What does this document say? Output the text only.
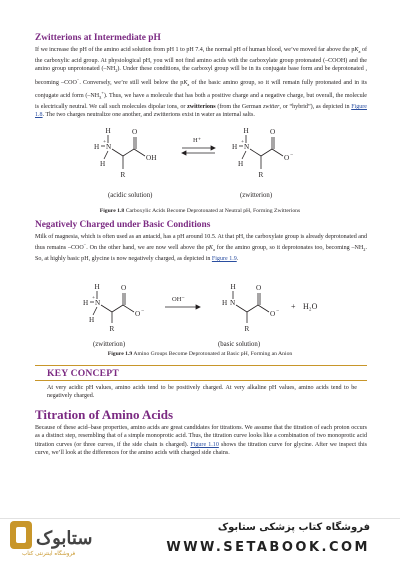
Zwitterions at Intermediate pH
If we increase the pH of the amino acid solution from pH 1 to pH 7.4, the normal pH of human blood, we’ve moved far above the $pK_a$ of the carboxylic acid group. At physiological pH, you will not find amino acids with the carboxylate group protonated (–COOH) and the amino group unprotonated $(-NH_2)$. Under these conditions, the carboxyl group will be in its conjugate base form and be deprotonated , becoming –COO−. Conversely, we’re still well below the $pK_a$ of the basic amino group, so it will remain fully protonated and in its conjugate acid form $(-NH_3^+)$. Thus, we have a molecule that has both a positive charge and a negative charge, but overall, the molecule is electrically neutral. We call such molecules dipolar ions, or zwitterions (from the German zwitter, or “hybrid”), as depicted in Figure 1.8. The two charges neutralize one another, and zwitterions exist in water as internal salts.
H N
+
H
H
R
O
OH
H⁺
H N
+
H
H
R
O
O −
(acidic solution)	(zwitterion)
Figure 1.8 Carboxylic Acids Become Deprotonated at Neutral pH, Forming Zwitterions
Negatively Charged under Basic Conditions
Milk of magnesia, which is often used as an antacid, has a pH around 10.5. At that pH, the carboxylate group is already deprotonated and thus remains –COO−. On the other hand, we are now well above the $pK_a$ for the amino group, so it deprotonates too, becoming $-NH_2$. So, at highly basic pH, glycine is now negatively charged, as depicted in Figure 1.9.
H N
+
H
H
R
O
O −
OH⁻	H N
H
R
O
O − + H₂O
(zwitterion)	(basic solution)
Figure 1.9 Amino Groups Become Deprotonated at Basic pH, Forming an Anion
KEY CONCEPT
At very acidic pH values, amino acids tend to be positively charged. At very alkaline pH values, amino acids tend to be negatively charged.
Titration of Amino Acids
Because of these acid–base properties, amino acids are great candidates for titrations. We assume that the titration of each proton occurs as a distinct step, resembling that of a simple monoprotic acid. Thus, the titration curve looks like a combination of two monoprotic acid titration curves (or three curves, if the side chain is charged). Figure 1.10 shows the titration curve for glycine. After we inspect this curve, we’ll look at the differences for the amino acids with charged side chains.
ستابوک
فروشگاه اینترنتی کتاب
فروشگاه کتاب پزشکی ستابوک
WWW.SETABOOK.COM
